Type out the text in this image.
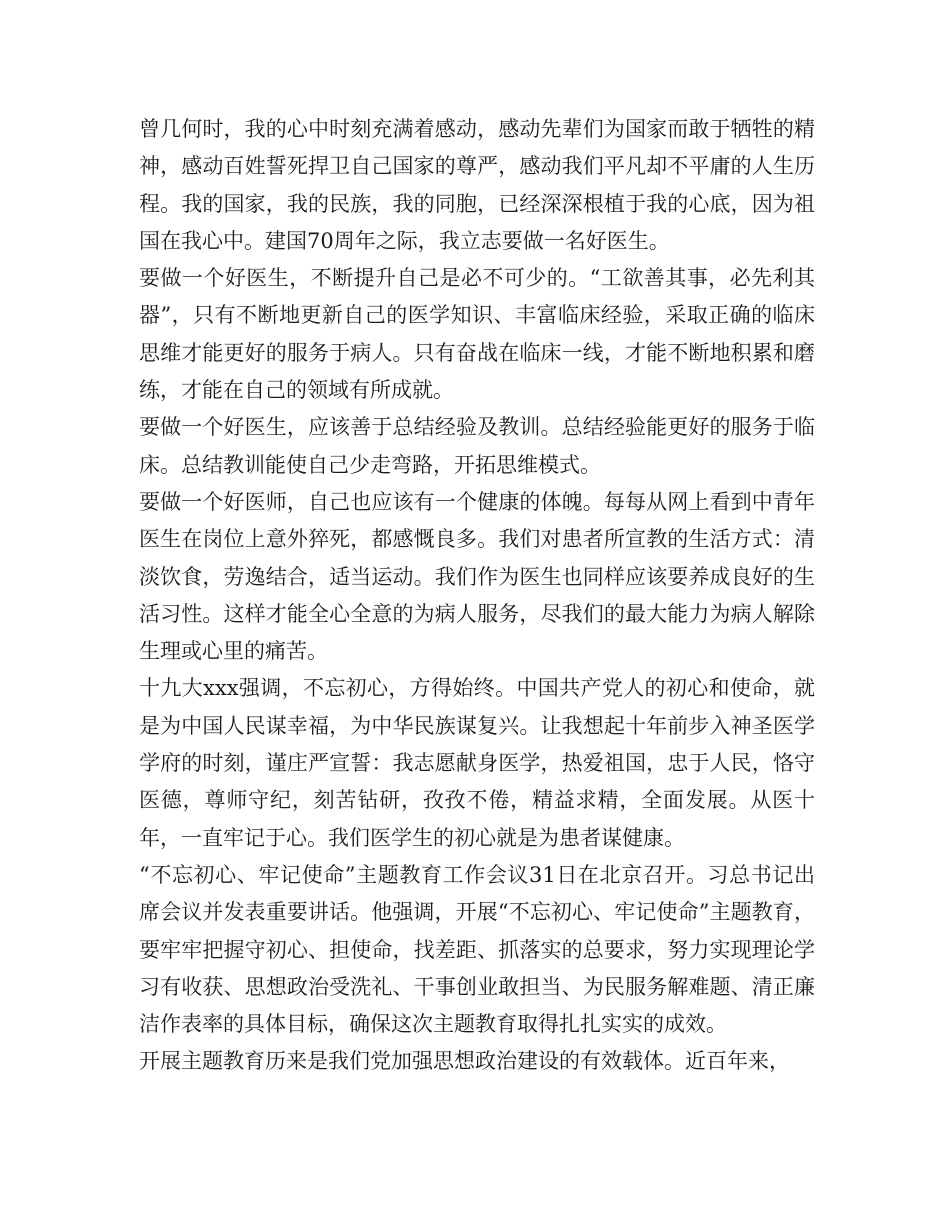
曾几何时，我的心中时刻充满着感动，感动先辈们为国家而敢于牺牲的精神，感动百姓誓死捍卫自己国家的尊严，感动我们平凡却不平庸的人生历程。我的国家，我的民族，我的同胞，已经深深根植于我的心底，因为祖国在我心中。建国70周年之际，我立志要做一名好医生。

要做一个好医生，不断提升自己是必不可少的。“工欲善其事，必先利其器”，只有不断地更新自己的医学知识、丰富临床经验，采取正确的临床思维才能更好的服务于病人。只有奋战在临床一线，才能不断地积累和磨练，才能在自己的领域有所成就。

要做一个好医生，应该善于总结经验及教训。总结经验能更好的服务于临床。总结教训能使自己少走弯路，开拓思维模式。

要做一个好医师，自己也应该有一个健康的体魄。每每从网上看到中青年医生在岗位上意外猝死，都感慨良多。我们对患者所宣教的生活方式：清淡饮食，劳逸结合，适当运动。我们作为医生也同样应该要养成良好的生活习性。这样才能全心全意的为病人服务，尽我们的最大能力为病人解除生理或心里的痛苦。

十九大xxx强调，不忘初心，方得始终。中国共产党人的初心和使命，就是为中国人民谋幸福，为中华民族谋复兴。让我想起十年前步入神圣医学学府的时刻，谨庄严宣誓：我志愿献身医学，热爱祖国，忠于人民，恪守医德，尊师守纪，刻苦钻研，孜孜不倦，精益求精，全面发展。从医十年，一直牢记于心。我们医学生的初心就是为患者谋健康。

“不忘初心、牢记使命”主题教育工作会议31日在北京召开。习总书记出席会议并发表重要讲话。他强调，开展“不忘初心、牢记使命”主题教育，要牢牢把握守初心、担使命，找差距、抓落实的总要求，努力实现理论学习有收获、思想政治受洗礼、干事创业敢担当、为民服务解难题、清正廉洁作表率的具体目标，确保这次主题教育取得扎扎实实的成效。

开展主题教育历来是我们党加强思想政治建设的有效载体。近百年来，
